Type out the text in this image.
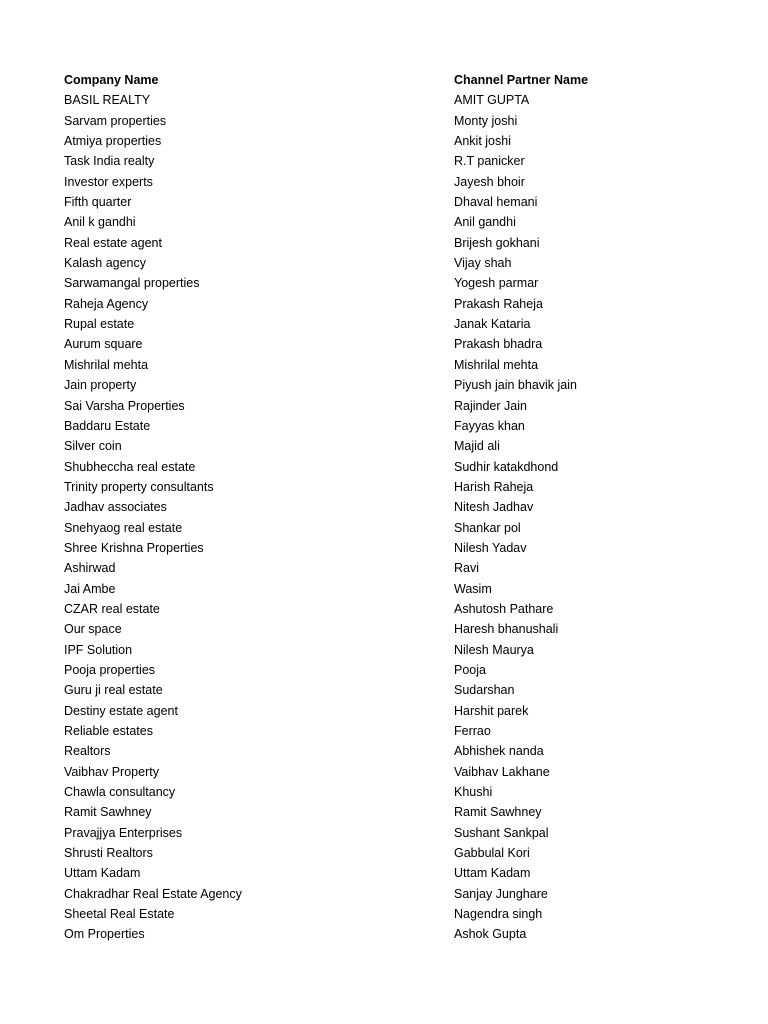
Company Name	Channel Partner Name
BASIL REALTY	AMIT GUPTA
Sarvam properties	Monty joshi
Atmiya properties	Ankit joshi
Task India realty	R.T panicker
Investor experts	Jayesh bhoir
Fifth quarter	Dhaval hemani
Anil k gandhi	Anil gandhi
Real estate agent	Brijesh gokhani
Kalash agency	Vijay shah
Sarwamangal properties	Yogesh parmar
Raheja Agency	Prakash Raheja
Rupal estate	Janak Kataria
Aurum square	Prakash bhadra
Mishrilal mehta	Mishrilal mehta
Jain property	Piyush jain bhavik jain
Sai Varsha Properties	Rajinder Jain
Baddaru Estate	Fayyas khan
Silver coin	Majid ali
Shubheccha real estate	Sudhir katakdhond
Trinity property consultants	Harish Raheja
Jadhav associates	Nitesh Jadhav
Snehyaog real estate	Shankar pol
Shree Krishna Properties	Nilesh Yadav
Ashirwad	Ravi
Jai Ambe	Wasim
CZAR real estate	Ashutosh Pathare
Our space	Haresh bhanushali
IPF Solution	Nilesh Maurya
Pooja properties	Pooja
Guru ji real estate	Sudarshan
Destiny estate agent	Harshit parek
Reliable estates	Ferrao
Realtors	Abhishek nanda
Vaibhav Property	Vaibhav Lakhane
Chawla consultancy	Khushi
Ramit Sawhney	Ramit Sawhney
Pravajjya Enterprises	Sushant Sankpal
Shrusti Realtors	Gabbulal Kori
Uttam Kadam	Uttam Kadam
Chakradhar Real Estate Agency	Sanjay Junghare
Sheetal Real Estate	Nagendra singh
Om Properties	Ashok Gupta
